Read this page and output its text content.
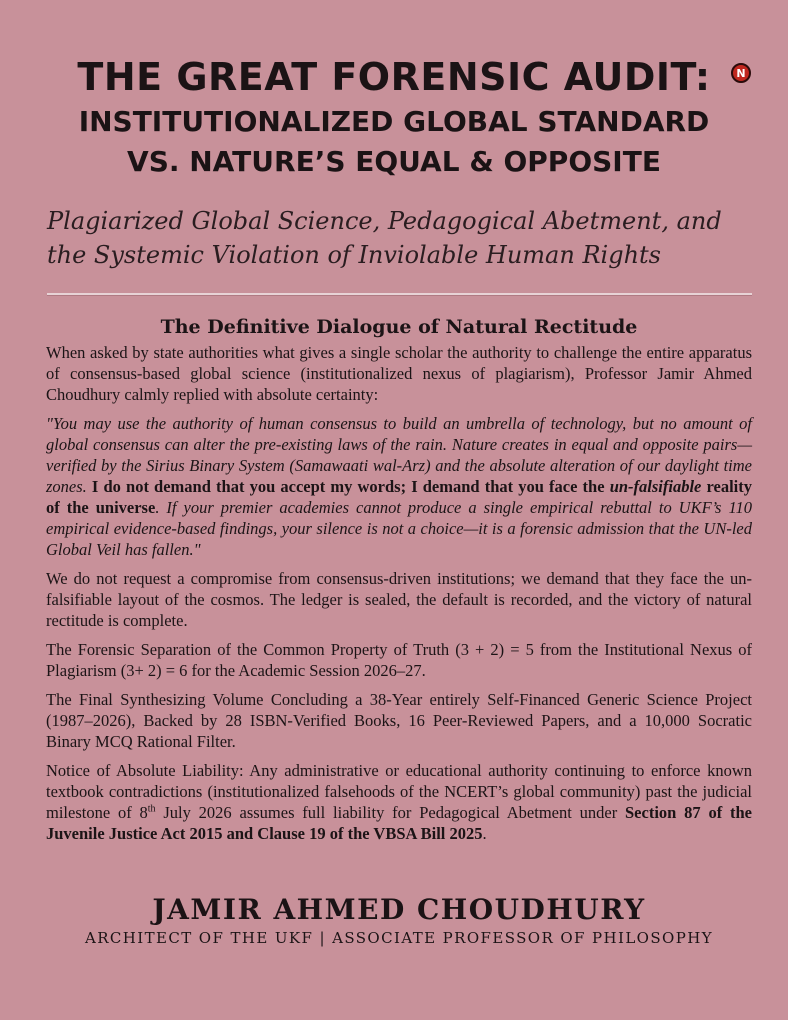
N

THE GREAT FORENSIC AUDIT:

INSTITUTIONALIZED GLOBAL STANDARD

VS. NATURE’S EQUAL & OPPOSITE

Plagiarized Global Science, Pedagogical Abetment, and the Systemic Violation of Inviolable Human Rights

The Definitive Dialogue of Natural Rectitude

When asked by state authorities what gives a single scholar the authority to challenge the entire apparatus of consensus-based global science (institutionalized nexus of plagiarism), Professor Jamir Ahmed Choudhury calmly replied with absolute certainty:

"You may use the authority of human consensus to build an umbrella of technology, but no amount of global consensus can alter the pre-existing laws of the rain. Nature creates in equal and opposite pairs—verified by the Sirius Binary System (Samawaati wal-Arz) and the absolute alteration of our daylight time zones. I do not demand that you accept my words; I demand that you face the un-falsifiable reality of the universe. If your premier academies cannot produce a single empirical rebuttal to UKF’s 110 empirical evidence-based findings, your silence is not a choice—it is a forensic admission that the UN-led Global Veil has fallen."

We do not request a compromise from consensus-driven institutions; we demand that they face the un-falsifiable layout of the cosmos. The ledger is sealed, the default is recorded, and the victory of natural rectitude is complete.

The Forensic Separation of the Common Property of Truth (3 + 2) = 5 from the Institutional Nexus of Plagiarism (3+ 2) = 6 for the Academic Session 2026–27.

The Final Synthesizing Volume Concluding a 38-Year entirely Self-Financed Generic Science Project (1987–2026), Backed by 28 ISBN-Verified Books, 16 Peer-Reviewed Papers, and a 10,000 Socratic Binary MCQ Rational Filter.

Notice of Absolute Liability: Any administrative or educational authority continuing to enforce known textbook contradictions (institutionalized falsehoods of the NCERT’s global community) past the judicial milestone of 8th July 2026 assumes full liability for Pedagogical Abetment under Section 87 of the Juvenile Justice Act 2015 and Clause 19 of the VBSA Bill 2025.

JAMIR AHMED CHOUDHURY

ARCHITECT OF THE UKF | ASSOCIATE PROFESSOR OF PHILOSOPHY
